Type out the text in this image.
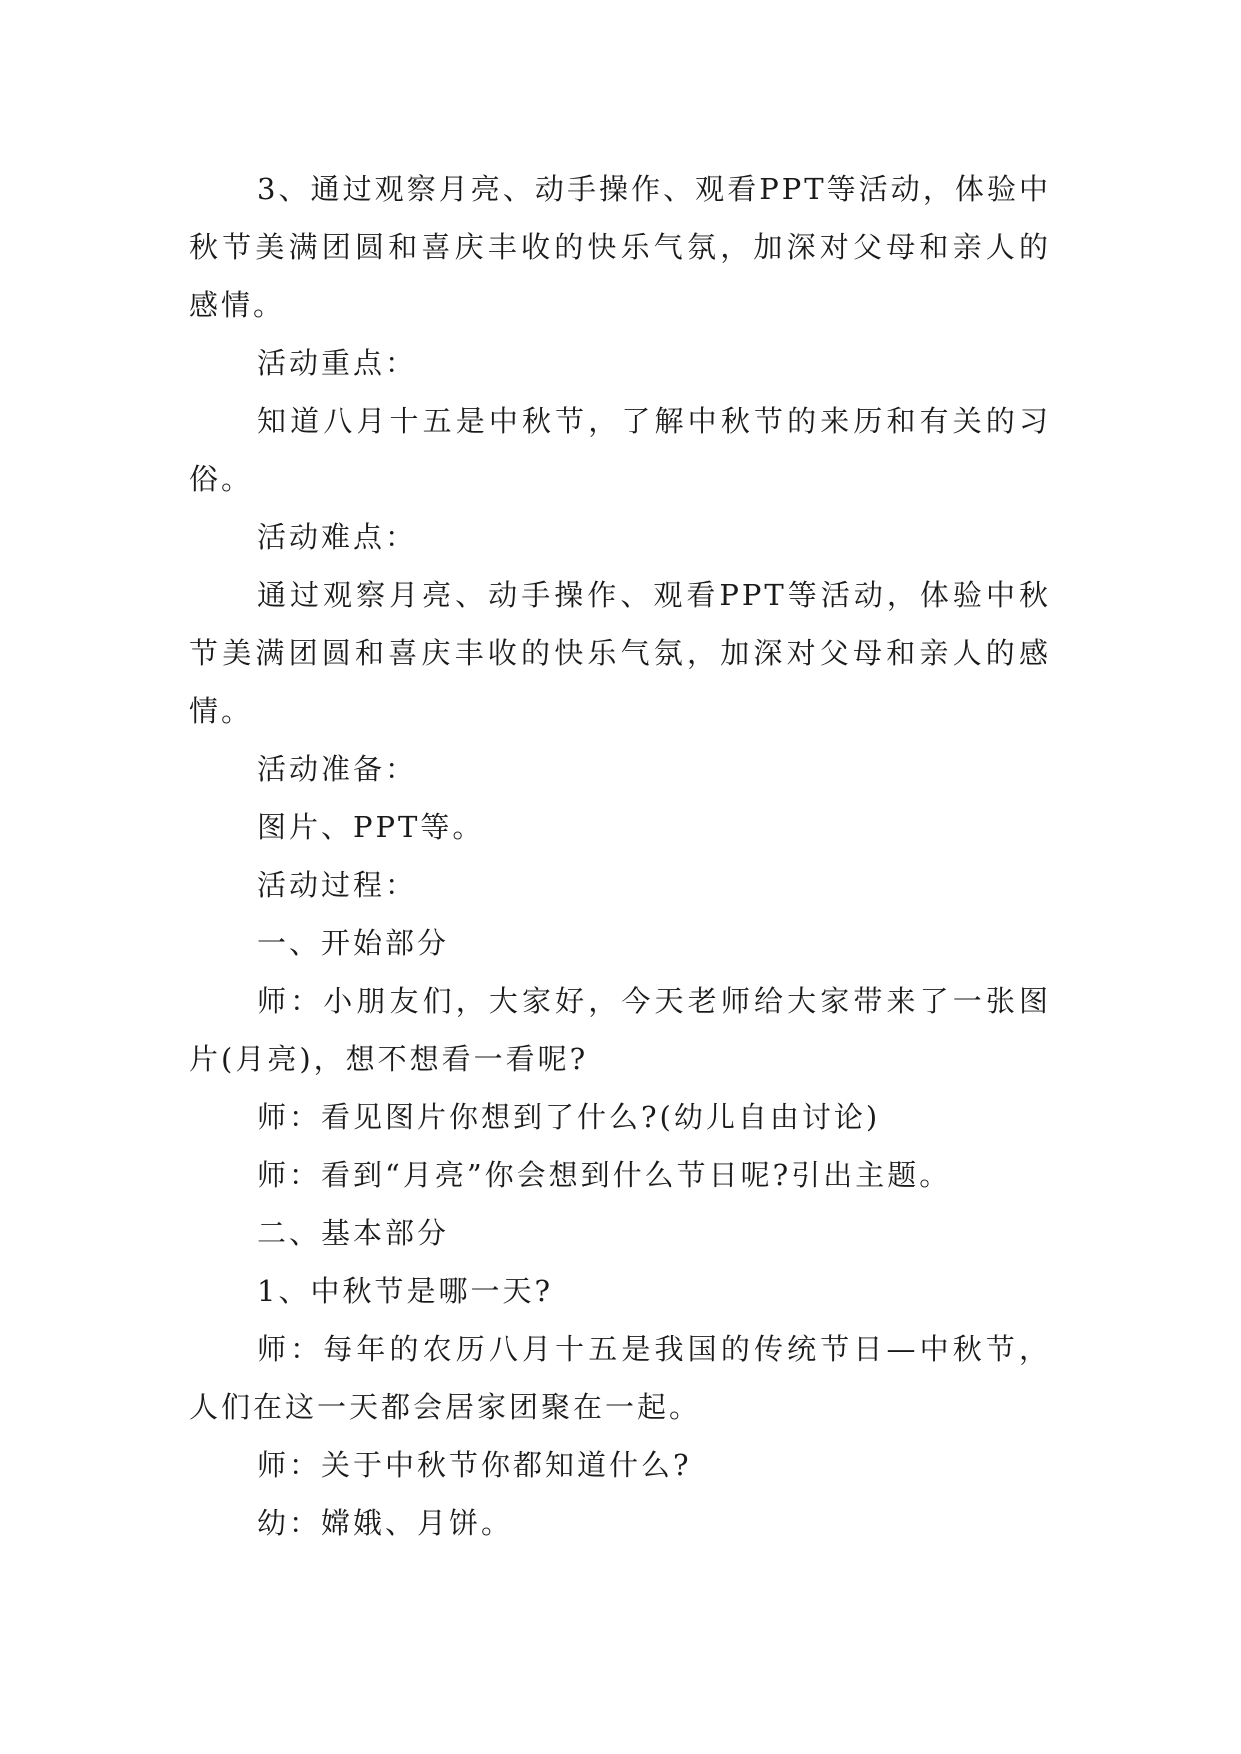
3、通过观察月亮、动手操作、观看PPT等活动，体验中秋节美满团圆和喜庆丰收的快乐气氛，加深对父母和亲人的感情。

活动重点：

知道八月十五是中秋节，了解中秋节的来历和有关的习俗。

活动难点：

通过观察月亮、动手操作、观看PPT等活动，体验中秋节美满团圆和喜庆丰收的快乐气氛，加深对父母和亲人的感情。

活动准备：

图片、PPT等。

活动过程：

一、开始部分

师：小朋友们，大家好，今天老师给大家带来了一张图片(月亮)，想不想看一看呢?

师：看见图片你想到了什么?(幼儿自由讨论)

师：看到“月亮”你会想到什么节日呢?引出主题。

二、基本部分

1、中秋节是哪一天?

师：每年的农历八月十五是我国的传统节日—中秋节，人们在这一天都会居家团聚在一起。

师：关于中秋节你都知道什么?

幼：嫦娥、月饼。
